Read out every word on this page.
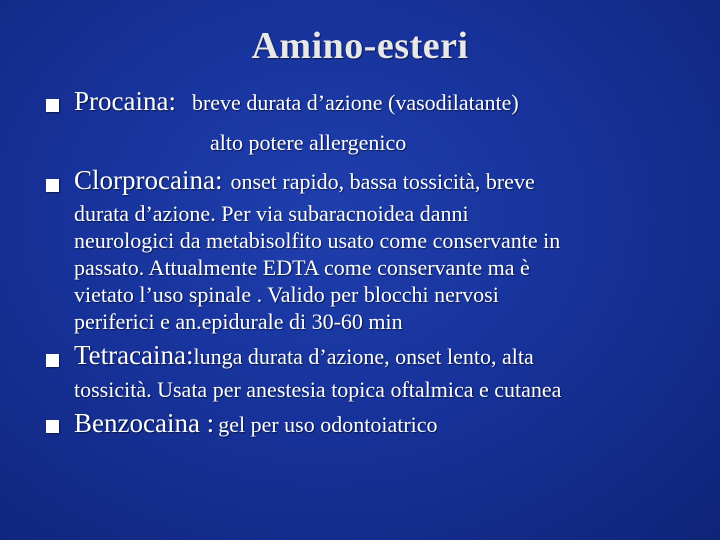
Amino-esteri
Procaina: breve durata d’azione (vasodilatante)
alto potere allergenico
Clorprocaina: onset rapido, bassa tossicità, breve
durata d’azione. Per via subaracnoidea danni
neurologici da metabisolfito usato come conservante in
passato. Attualmente EDTA come conservante ma è
vietato l’uso spinale . Valido per blocchi nervosi
periferici e an.epidurale di 30-60 min
Tetracaina:lunga durata d’azione, onset lento, alta
tossicità. Usata per anestesia topica oftalmica e cutanea
Benzocaina : gel per uso odontoiatrico
